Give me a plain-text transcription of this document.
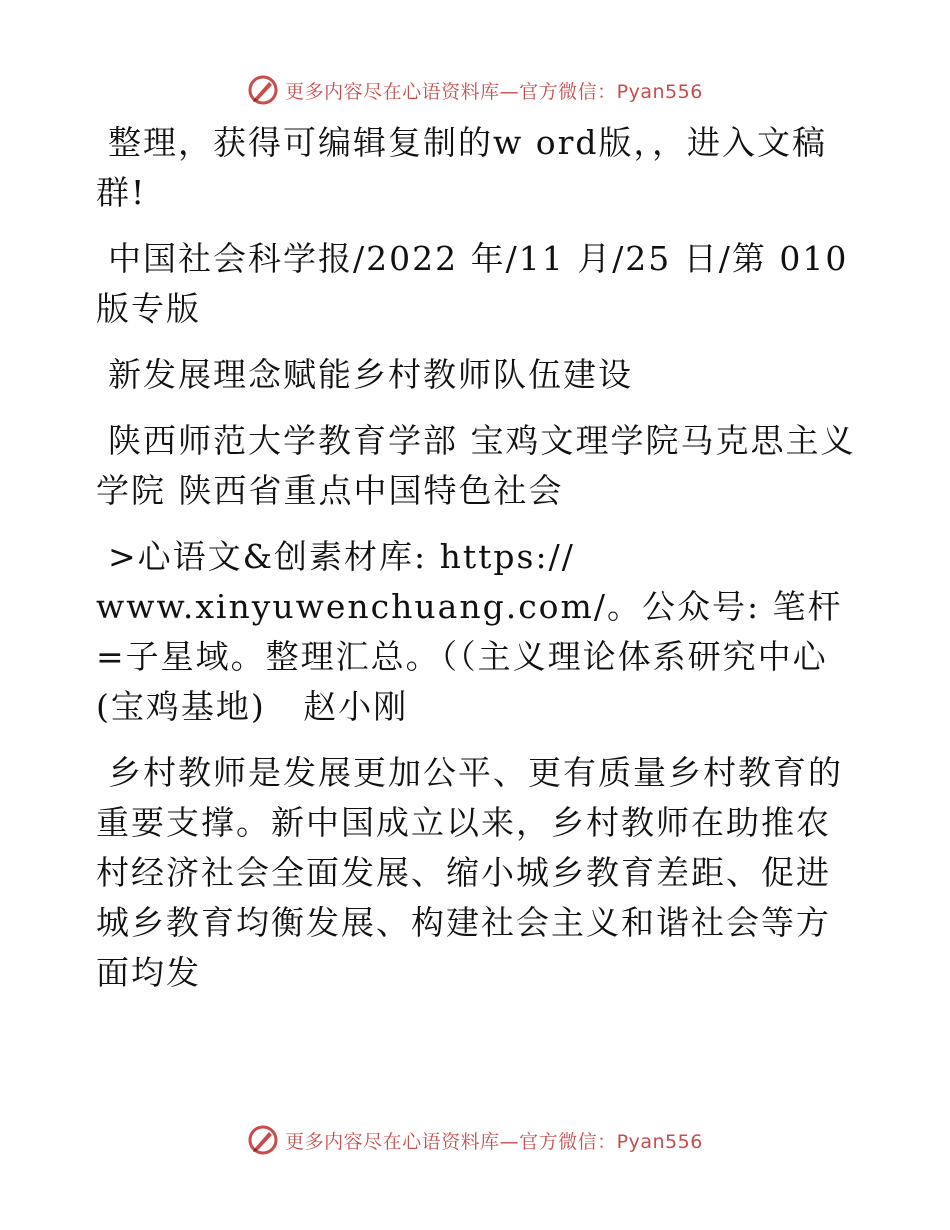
更多内容尽在心语资料库—官方微信：Pyan556

整理，获得可编辑复制的w ord版，，进入文稿群!

中国社会科学报/2022 年/11 月/25 日/第 010 版专版

新发展理念赋能乡村教师队伍建设

陕西师范大学教育学部 宝鸡文理学院马克思主义学院 陕西省重点中国特色社会

>心语文&创素材库: https://
www.xinyuwenchuang.com/。公众号: 笔杆=子星域。整理汇总。（（主义理论体系研究中心(宝鸡基地)   赵小刚

乡村教师是发展更加公平、更有质量乡村教育的重要支撑。新中国成立以来，乡村教师在助推农村经济社会全面发展、缩小城乡教育差距、促进城乡教育均衡发展、构建社会主义和谐社会等方面均发

更多内容尽在心语资料库—官方微信：Pyan556
